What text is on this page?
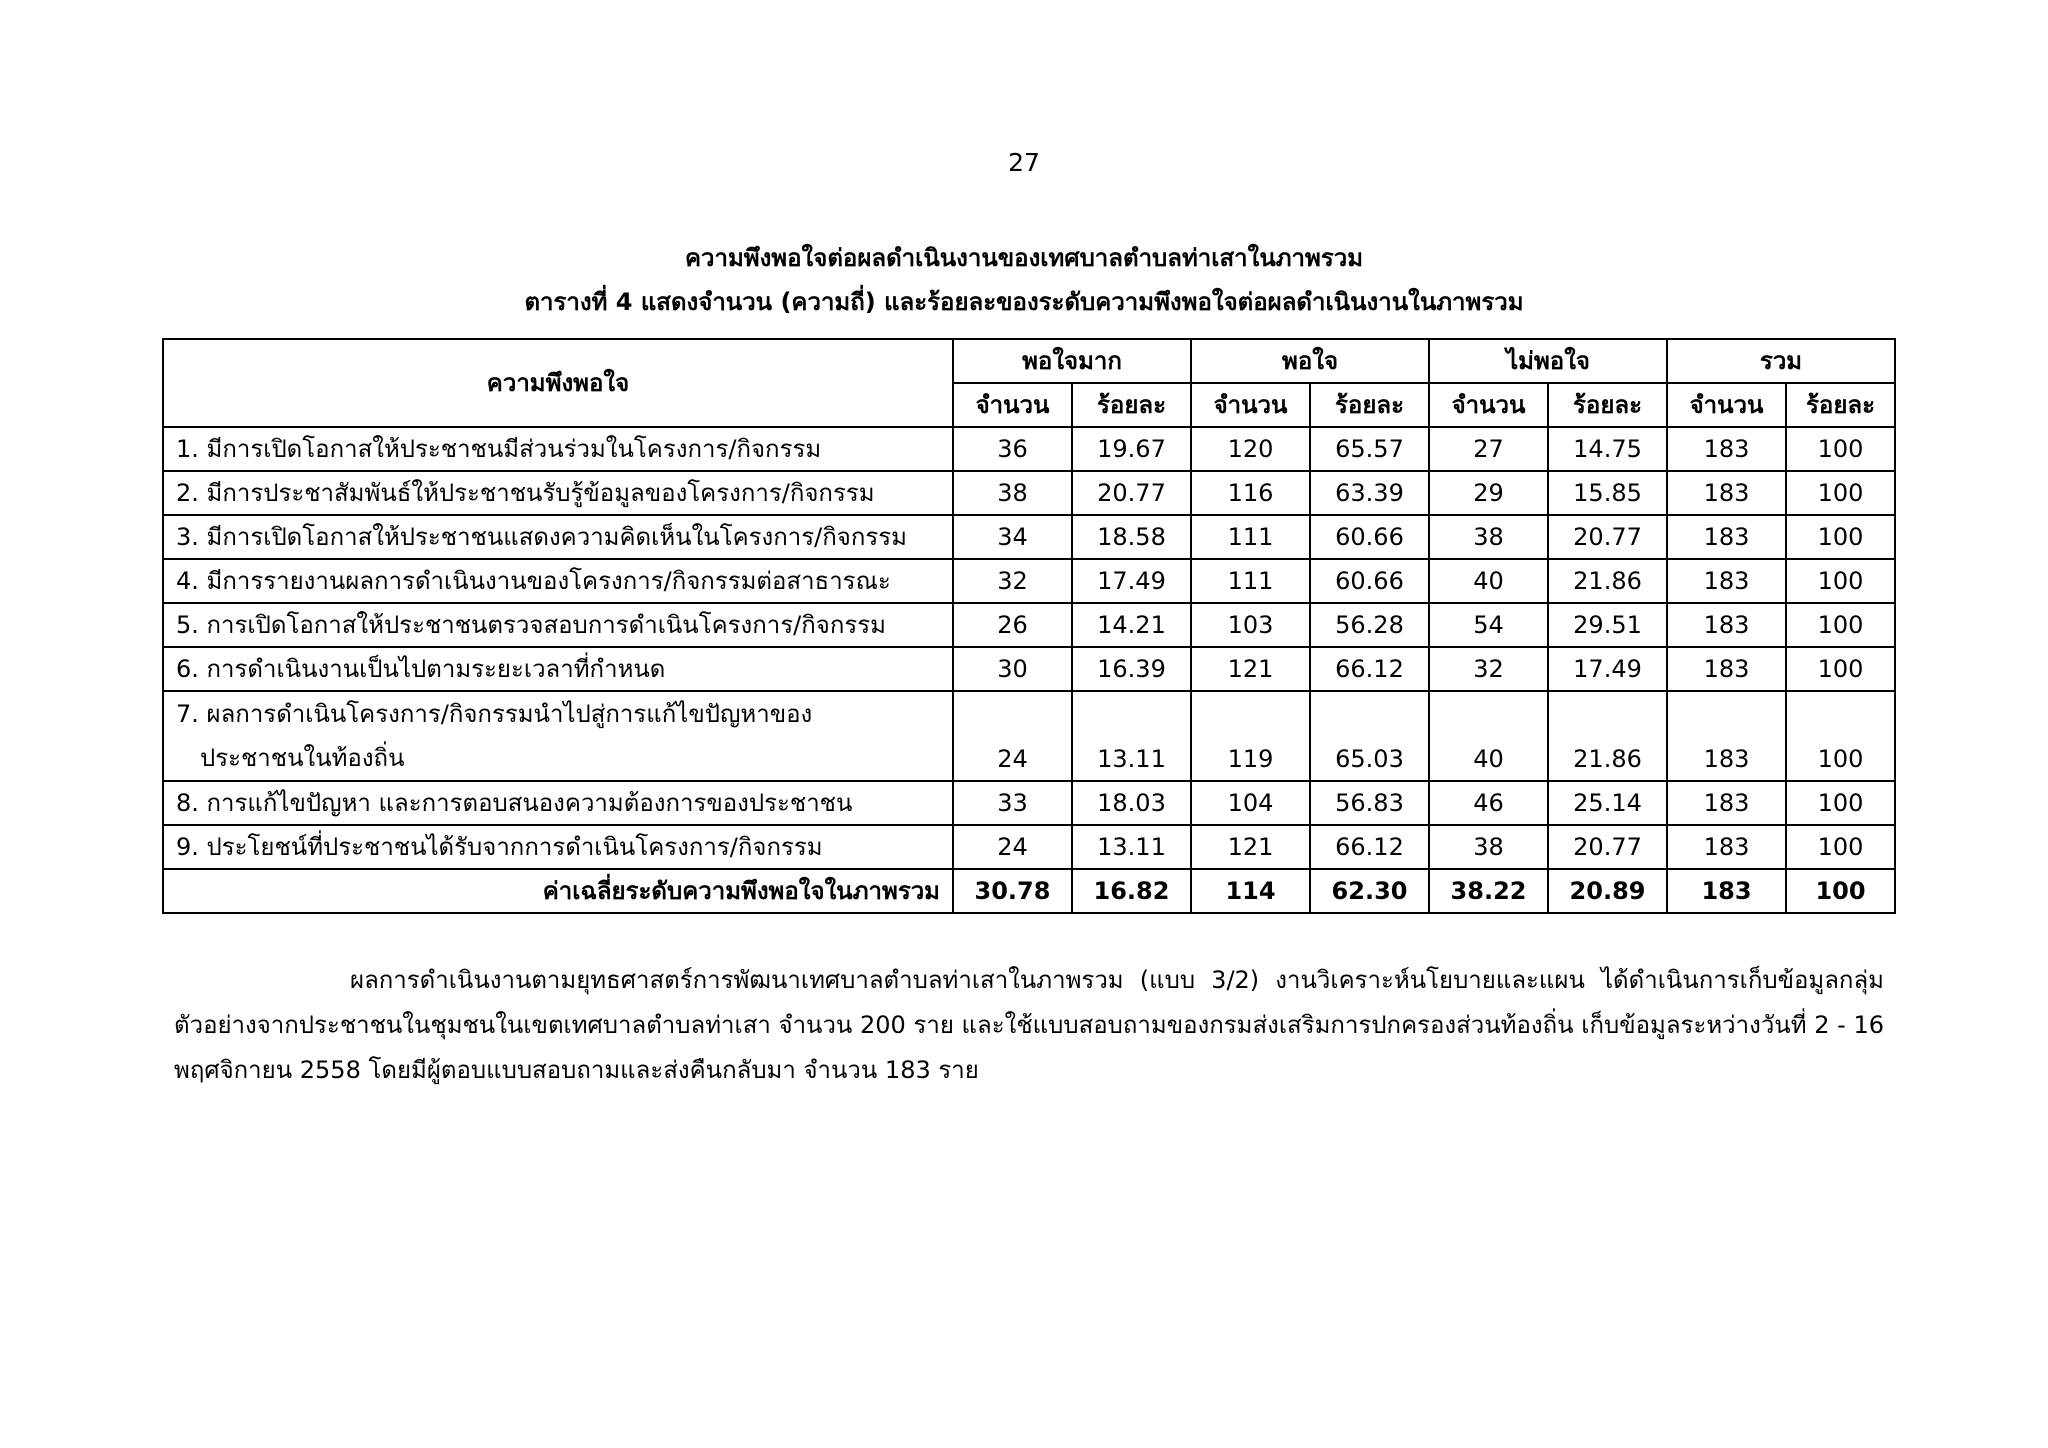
27
ความพึงพอใจต่อผลดำเนินงานของเทศบาลตำบลท่าเสาในภาพรวม
ตารางที่ 4 แสดงจำนวน (ความถี่) และร้อยละของระดับความพึงพอใจต่อผลดำเนินงานในภาพรวม
ความพึงพอใจ	พอใจมาก		พอใจ		ไม่พอใจ		รวม	
	จำนวน	ร้อยละ	จำนวน	ร้อยละ	จำนวน	ร้อยละ	จำนวน	ร้อยละ
1. มีการเปิดโอกาสให้ประชาชนมีส่วนร่วมในโครงการ/กิจกรรม	36	19.67	120	65.57	27	14.75	183	100
2. มีการประชาสัมพันธ์ให้ประชาชนรับรู้ข้อมูลของโครงการ/กิจกรรม	38	20.77	116	63.39	29	15.85	183	100
3. มีการเปิดโอกาสให้ประชาชนแสดงความคิดเห็นในโครงการ/กิจกรรม	34	18.58	111	60.66	38	20.77	183	100
4. มีการรายงานผลการดำเนินงานของโครงการ/กิจกรรมต่อสาธารณะ	32	17.49	111	60.66	40	21.86	183	100
5. การเปิดโอกาสให้ประชาชนตรวจสอบการดำเนินโครงการ/กิจกรรม	26	14.21	103	56.28	54	29.51	183	100
6. การดำเนินงานเป็นไปตามระยะเวลาที่กำหนด	30	16.39	121	66.12	32	17.49	183	100

7. ผลการดำเนินโครงการ/กิจกรรมนำไปสู่การแก้ไขปัญหาของ
ประชาชนในท้องถิ่น	24	13.11	119	65.03	40	21.86	183	100
8. การแก้ไขปัญหา และการตอบสนองความต้องการของประชาชน	33	18.03	104	56.83	46	25.14	183	100
9. ประโยชน์ที่ประชาชนได้รับจากการดำเนินโครงการ/กิจกรรม	24	13.11	121	66.12	38	20.77	183	100
ค่าเฉลี่ยระดับความพึงพอใจในภาพรวม	30.78	16.82	114	62.30	38.22	20.89	183	100
ผลการดำเนินงานตามยุทธศาสตร์การพัฒนาเทศบาลตำบลท่าเสาในภาพรวม (แบบ 3/2) งานวิเคราะห์นโยบายและแผน ได้ดำเนินการเก็บข้อมูลกลุ่มตัวอย่างจากประชาชนในชุมชนในเขตเทศบาลตำบลท่าเสา จำนวน 200 ราย และใช้แบบสอบถามของกรมส่งเสริมการปกครองส่วนท้องถิ่น เก็บข้อมูลระหว่างวันที่ 2 - 16 พฤศจิกายน 2558 โดยมีผู้ตอบแบบสอบถามและส่งคืนกลับมา จำนวน 183 ราย
